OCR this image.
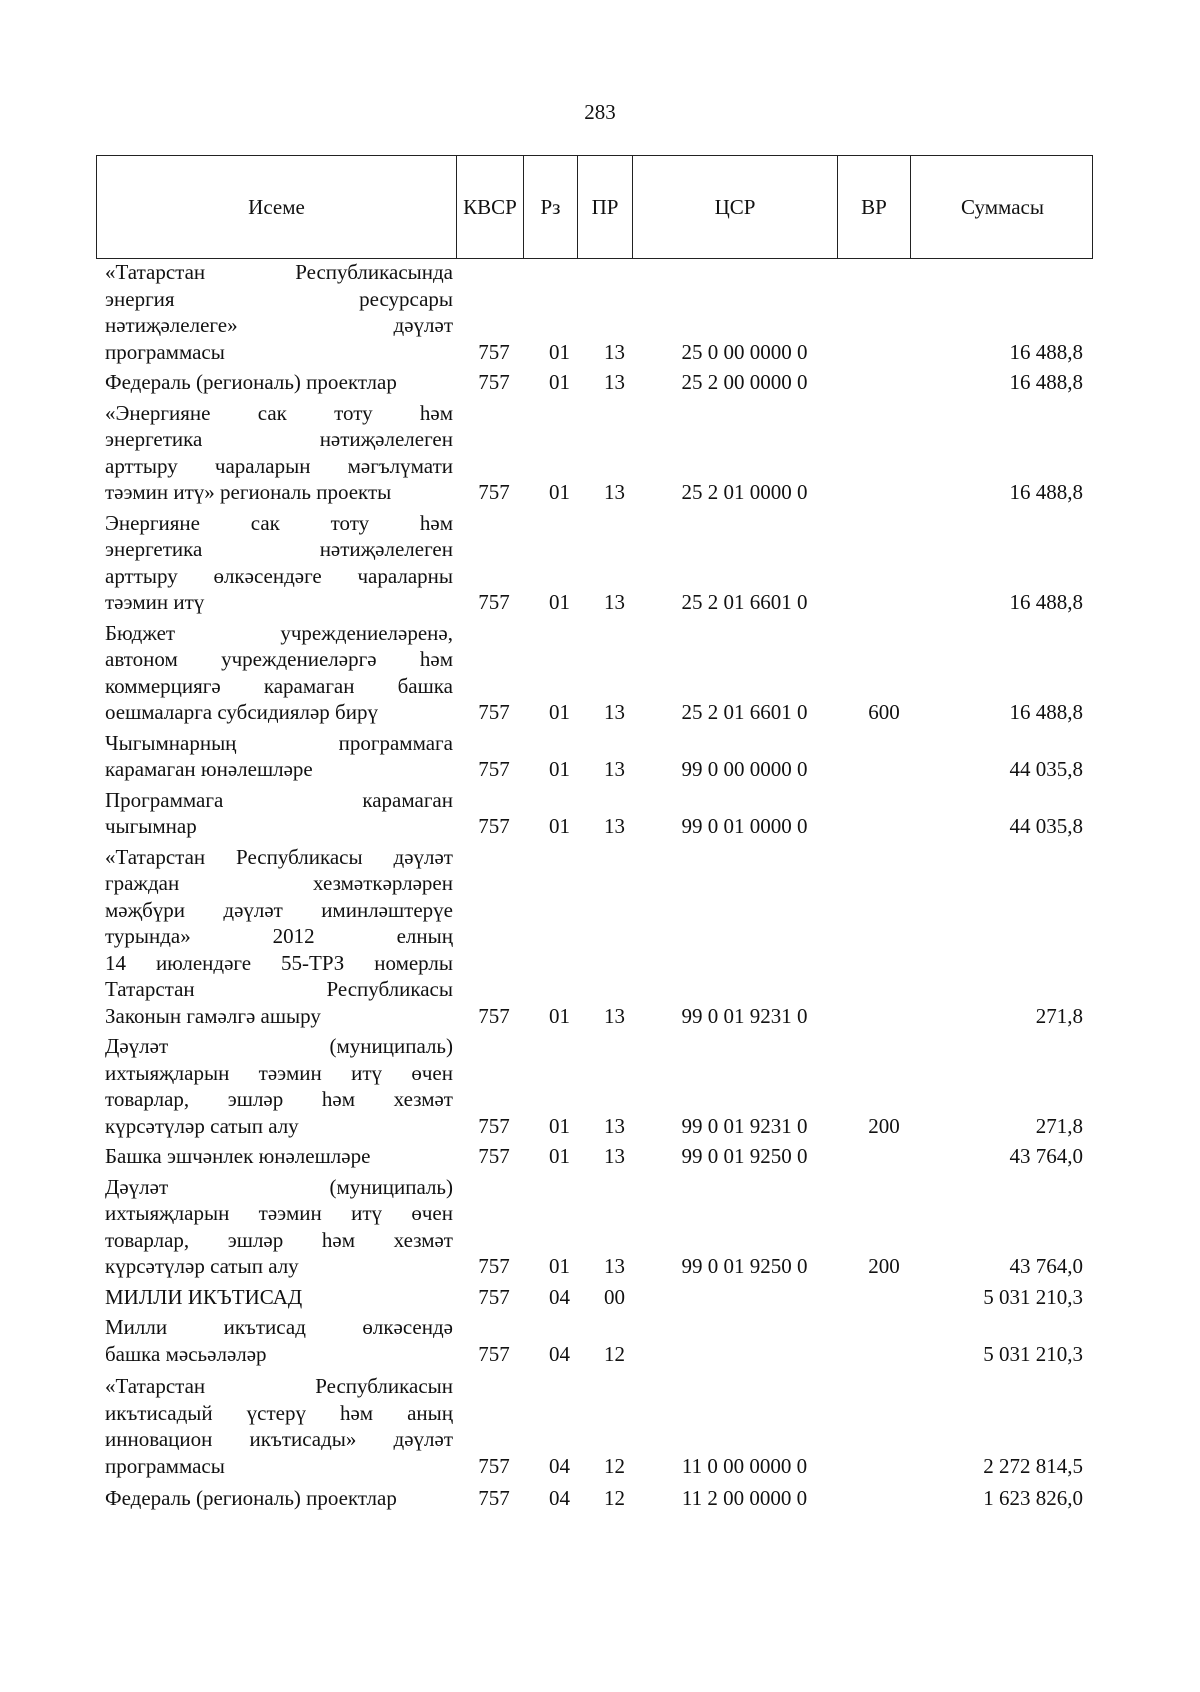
283
Исеме	КВСР	Рз	ПР	ЦСР	ВР	Суммасы
«Татарстан Республикасында
энергия ресурсары
нәтиҗәлелеге» дәүләт
программасы	757	01	13	25 0 00 0000 0	16 488,8
Федераль (региональ) проектлар	757	01	13	25 2 00 0000 0	16 488,8
«Энергияне сак тоту һәм
энергетика нәтиҗәлелеген
арттыру чараларын мәгълүмати
тәэмин итү» региональ проекты	757	01	13	25 2 01 0000 0	16 488,8
Энергияне сак тоту һәм
энергетика нәтиҗәлелеген
арттыру өлкәсендәге чараларны
тәэмин итү	757	01	13	25 2 01 6601 0	16 488,8
Бюджет учреждениеләренә,
автоном учреждениеләргә һәм
коммерциягә карамаган башка
оешмаларга субсидияләр бирү	757	01	13	25 2 01 6601 0	600	16 488,8
Чыгымнарның программага
карамаган юнәлешләре	757	01	13	99 0 00 0000 0	44 035,8
Программага карамаган
чыгымнар	757	01	13	99 0 01 0000 0	44 035,8
«Татарстан Республикасы дәүләт
граждан хезмәткәрләрен
мәҗбүри дәүләт иминләштерүе
турында» 2012 елның
14 июлендәге 55-ТРЗ номерлы
Татарстан Республикасы
Законын гамәлгә ашыру	757	01	13	99 0 01 9231 0	271,8
Дәүләт (муниципаль)
ихтыяҗларын тәэмин итү өчен
товарлар, эшләр һәм хезмәт
күрсәтүләр сатып алу	757	01	13	99 0 01 9231 0	200	271,8
Башка эшчәнлек юнәлешләре	757	01	13	99 0 01 9250 0	43 764,0
Дәүләт (муниципаль)
ихтыяҗларын тәэмин итү өчен
товарлар, эшләр һәм хезмәт
күрсәтүләр сатып алу	757	01	13	99 0 01 9250 0	200	43 764,0
МИЛЛИ ИКЪТИСАД	757	04	00	5 031 210,3
Милли икътисад өлкәсендә
башка мәсьәләләр	757	04	12	5 031 210,3
«Татарстан Республикасын
икътисадый үстерү һәм аның
инновацион икътисады» дәүләт
программасы	757	04	12	11 0 00 0000 0	2 272 814,5
Федераль (региональ) проектлар	757	04	12	11 2 00 0000 0	1 623 826,0
